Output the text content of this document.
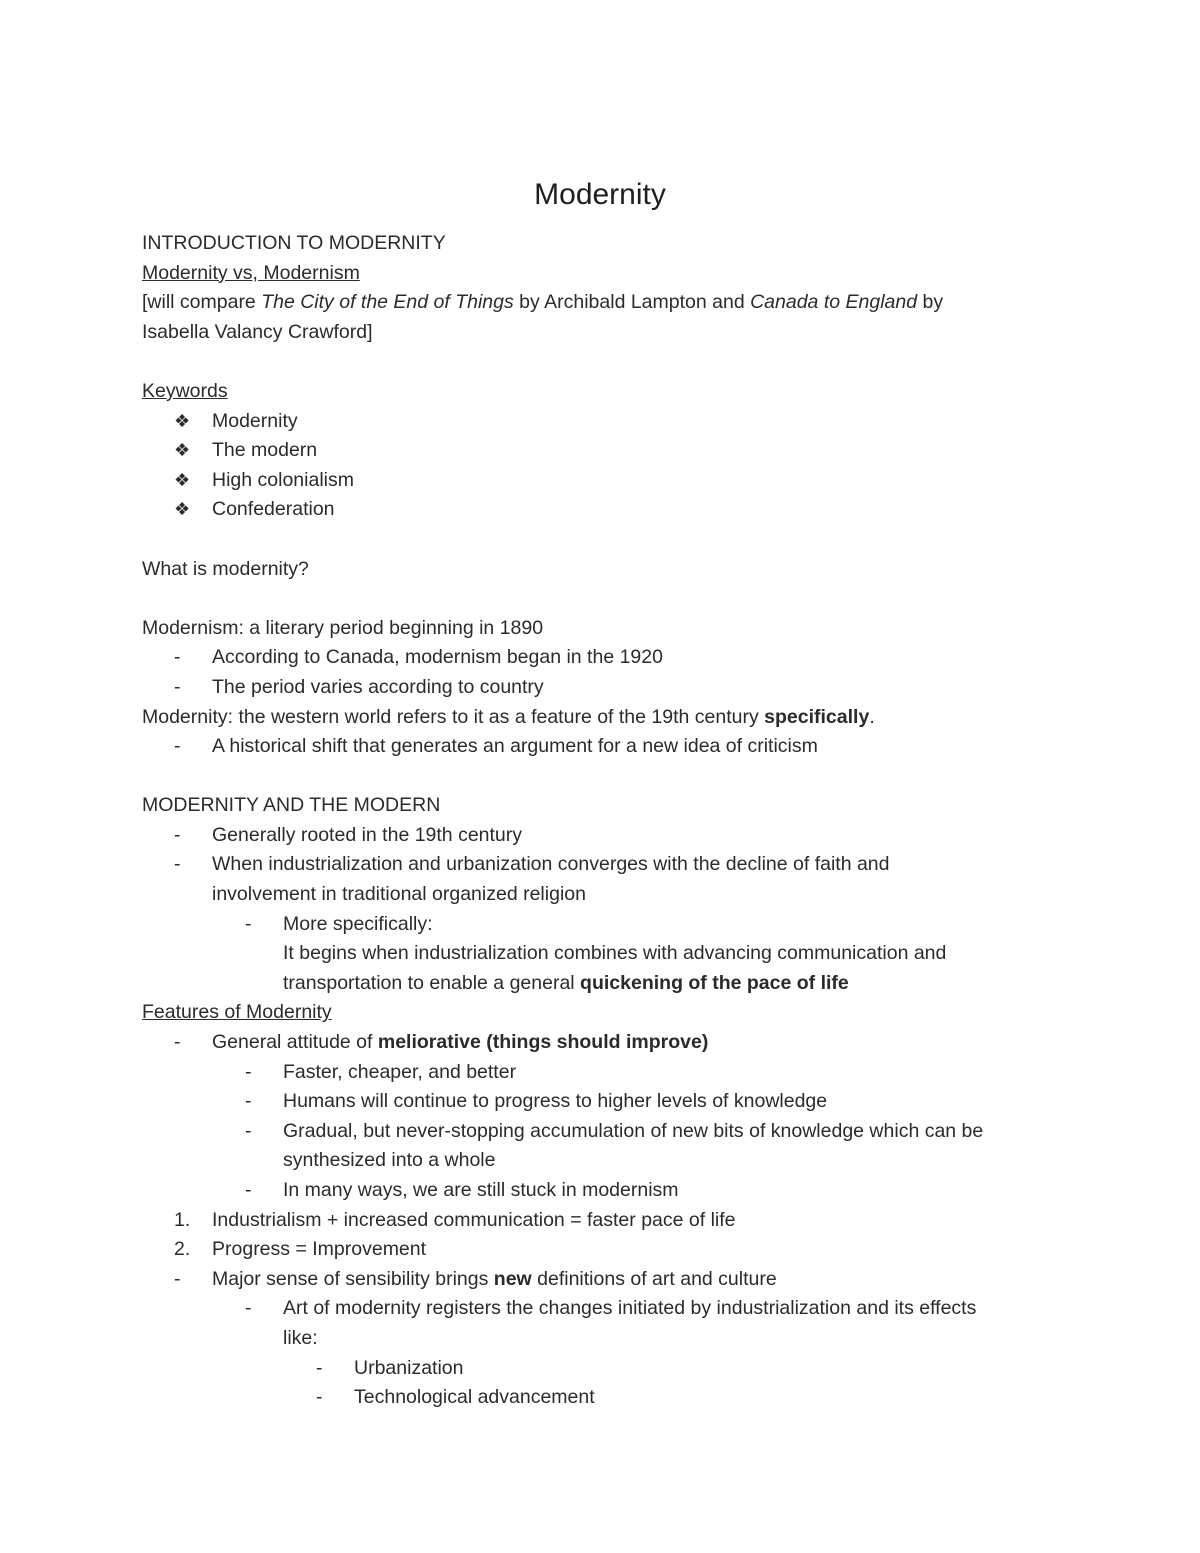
Modernity
INTRODUCTION TO MODERNITY
Modernity vs, Modernism
[will compare The City of the End of Things by Archibald Lampton and Canada to England by
Isabella Valancy Crawford]
Keywords
❖	Modernity
❖	The modern
❖	High colonialism
❖	Confederation
What is modernity?
Modernism: a literary period beginning in 1890
-	According to Canada, modernism began in the 1920
-	The period varies according to country
Modernity: the western world refers to it as a feature of the 19th century specifically.
-	A historical shift that generates an argument for a new idea of criticism
MODERNITY AND THE MODERN
-	Generally rooted in the 19th century
-	When industrialization and urbanization converges with the decline of faith and
involvement in traditional organized religion
-	More specifically:
It begins when industrialization combines with advancing communication and
transportation to enable a general quickening of the pace of life
Features of Modernity
-	General attitude of meliorative (things should improve)
-	Faster, cheaper, and better
-	Humans will continue to progress to higher levels of knowledge
-	Gradual, but never-stopping accumulation of new bits of knowledge which can be
synthesized into a whole
-	In many ways, we are still stuck in modernism
1.	Industrialism + increased communication = faster pace of life
2.	Progress = Improvement
-	Major sense of sensibility brings new definitions of art and culture
-	Art of modernity registers the changes initiated by industrialization and its effects
like:
-	Urbanization
-	Technological advancement
